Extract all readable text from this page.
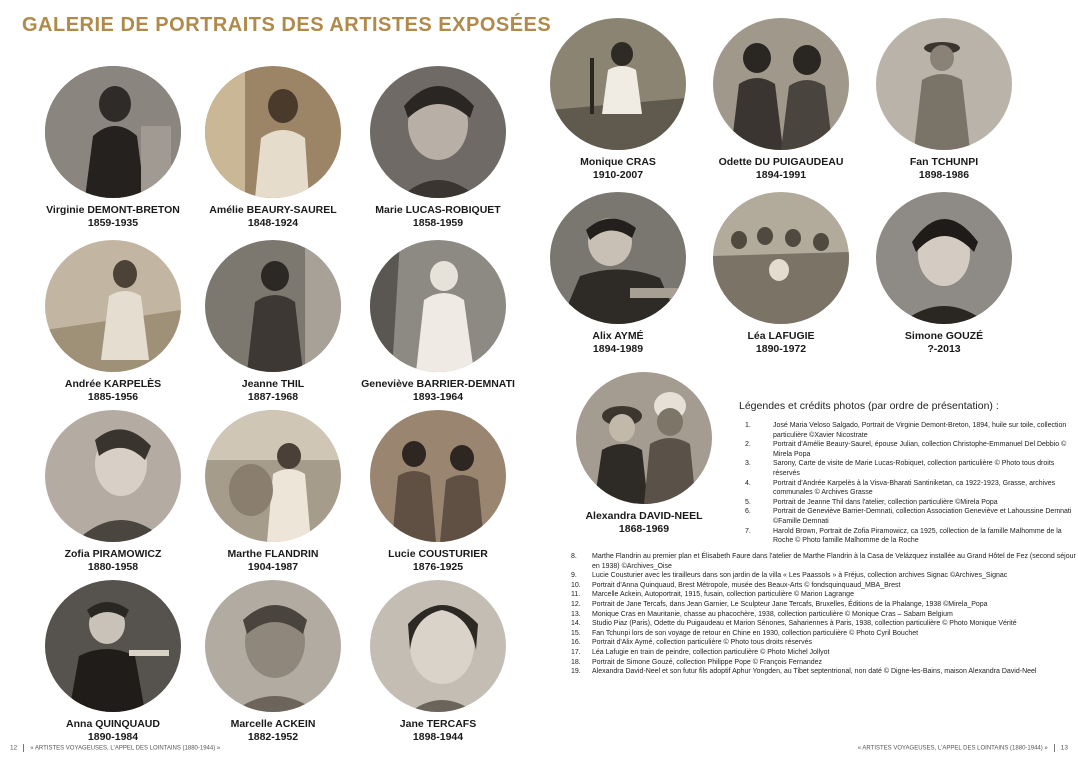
GALERIE DE PORTRAITS DES ARTISTES EXPOSÉES
Virginie DEMONT-BRETON
1859-1935
Amélie BEAURY-SAUREL
1848-1924
Marie LUCAS-ROBIQUET
1858-1959
Andrée KARPELÈS
1885-1956
Jeanne THIL
1887-1968
Geneviève BARRIER-DEMNATI
1893-1964
Zofia PIRAMOWICZ
1880-1958
Marthe FLANDRIN
1904-1987
Lucie COUSTURIER
1876-1925
Anna QUINQUAUD
1890-1984
Marcelle ACKEIN
1882-1952
Jane TERCAFS
1898-1944
12 « ARTISTES VOYAGEUSES, L'APPEL DES LOINTAINS (1880-1944) »
Monique CRAS
1910-2007
Odette DU PUIGAUDEAU
1894-1991
Fan TCHUNPI
1898-1986
Alix AYMÉ
1894-1989
Léa LAFUGIE
1890-1972
Simone GOUZÉ
?-2013
Alexandra DAVID-NEEL
1868-1969
Légendes et crédits photos (par ordre de présentation) :
1.	José Maria Veloso Salgado, Portrait de Virginie Demont-Breton, 1894, huile sur toile, collection particulière ©Xavier Nicostrate
2.	Portrait d'Amélie Beaury-Saurel, épouse Julian, collection Christophe-Emmanuel Del Debbio © Mirela Popa
3.	Sarony, Carte de visite de Marie Lucas-Robiquet, collection particulière © Photo tous droits réservés
4.	Portrait d'Andrée Karpelès à la Visva-Bharati Santiniketan, ca 1922-1923, Grasse, archives communales © Archives Grasse
5.	Portrait de Jeanne Thil dans l'atelier, collection particulière ©Mirela Popa
6.	Portrait de Geneviève Barrier-Demnati, collection Association Geneviève et Lahoussine Demnati ©Famille Demnati
7.	Harold Brown, Portrait de Zofia Piramowicz, ca 1925, collection de la famille Malhomme de la Roche © Photo famille Malhomme de la Roche
8.	Marthe Flandrin au premier plan et Élisabeth Faure dans l'atelier de Marthe Flandrin à la Casa de Velázquez installée au Grand Hôtel de Fez (second séjour en 1938) ©Archives_Oise
9.	Lucie Cousturier avec les tirailleurs dans son jardin de la villa « Les Paassols » à Fréjus, collection archives Signac ©Archives_Signac
10.	Portrait d'Anna Quinquaud, Brest Métropole, musée des Beaux-Arts © fondsquinquaud_MBA_Brest
11.	Marcelle Ackein, Autoportrait, 1915, fusain, collection particulière © Marion Lagrange
12.	Portrait de Jane Tercafs, dans Jean Garnier, Le Sculpteur Jane Tercafs, Bruxelles, Éditions de la Phalange, 1938 ©Mirela_Popa
13.	Monique Cras en Mauritanie, chasse au phacochère, 1938, collection particulière © Monique Cras – Sabam Belgium
14.	Studio Piaz (Paris), Odette du Puigaudeau et Marion Sénones, Sahariennes à Paris, 1938, collection particulière © Photo Monique Vérité
15.	Fan Tchunpi lors de son voyage de retour en Chine en 1930, collection particulière © Photo Cyril Bouchet
16.	Portrait d'Alix Aymé, collection particulière © Photo tous droits réservés
17.	Léa Lafugie en train de peindre, collection particulière © Photo Michel Jollyot
18.	Portrait de Simone Gouzé, collection Philippe Pope © François Fernandez
19.	Alexandra David-Neel et son futur fils adoptif Aphur Yongden, au Tibet septentrional, non daté © Digne-les-Bains, maison Alexandra David-Neel
« ARTISTES VOYAGEUSES, L'APPEL DES LOINTAINS (1880-1944) » 13
